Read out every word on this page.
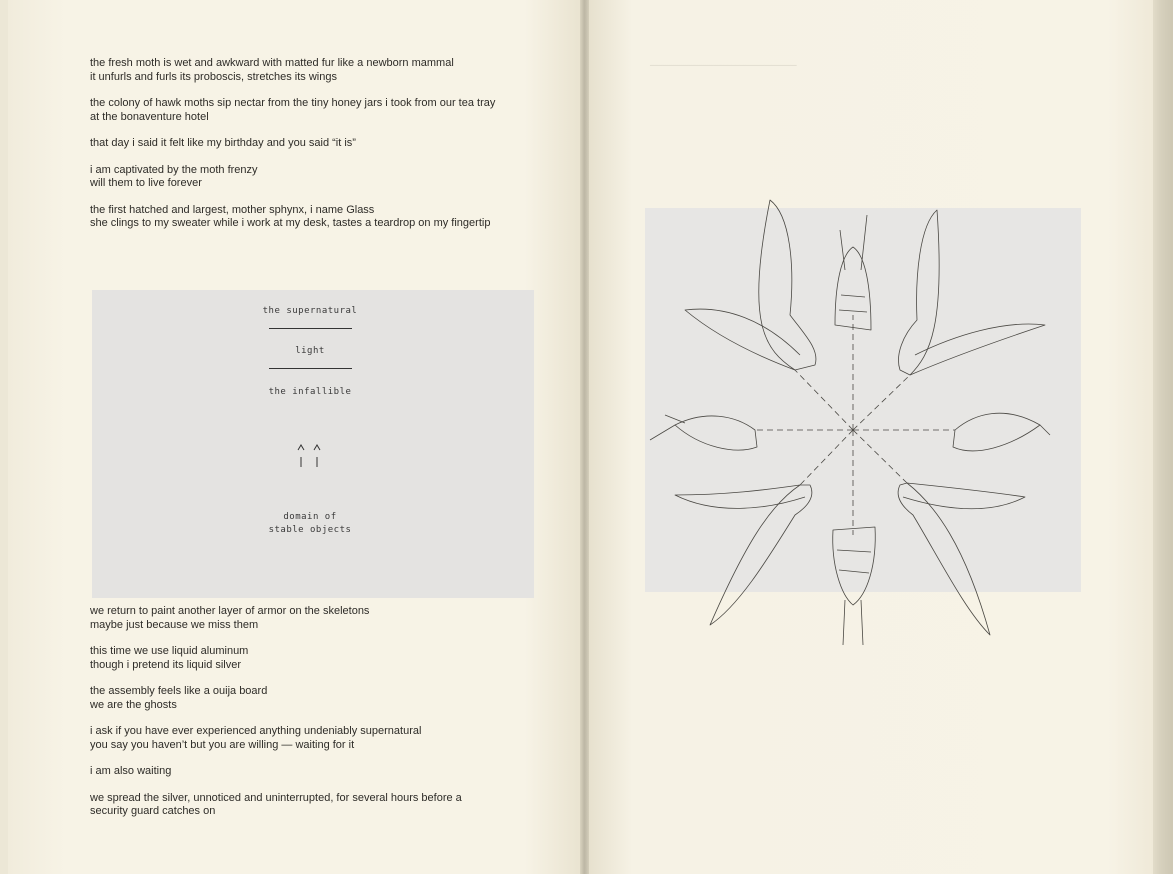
the fresh moth is wet and awkward with matted fur like a newborn mammal

it unfurls and furls its proboscis, stretches its wings

the colony of hawk moths sip nectar from the tiny honey jars i took from our tea tray

at the bonaventure hotel

that day i said it felt like my birthday and you said “it is”

i am captivated by the moth frenzy

will them to live forever

the first hatched and largest, mother sphynx, i name Glass

she clings to my sweater while i work at my desk, tastes a teardrop on my fingertip

the supernatural
light
the infallible
domain of
stable objects

we return to paint another layer of armor on the skeletons

maybe just because we miss them

this time we use liquid aluminum

though i pretend its liquid silver

the assembly feels like a ouija board

we are the ghosts

i ask if you have ever experienced anything undeniably supernatural

you say you haven’t but you are willing — waiting for it

i am also waiting

we spread the silver, unnoticed and uninterrupted, for several hours before a

security guard catches on

───────────────────────
